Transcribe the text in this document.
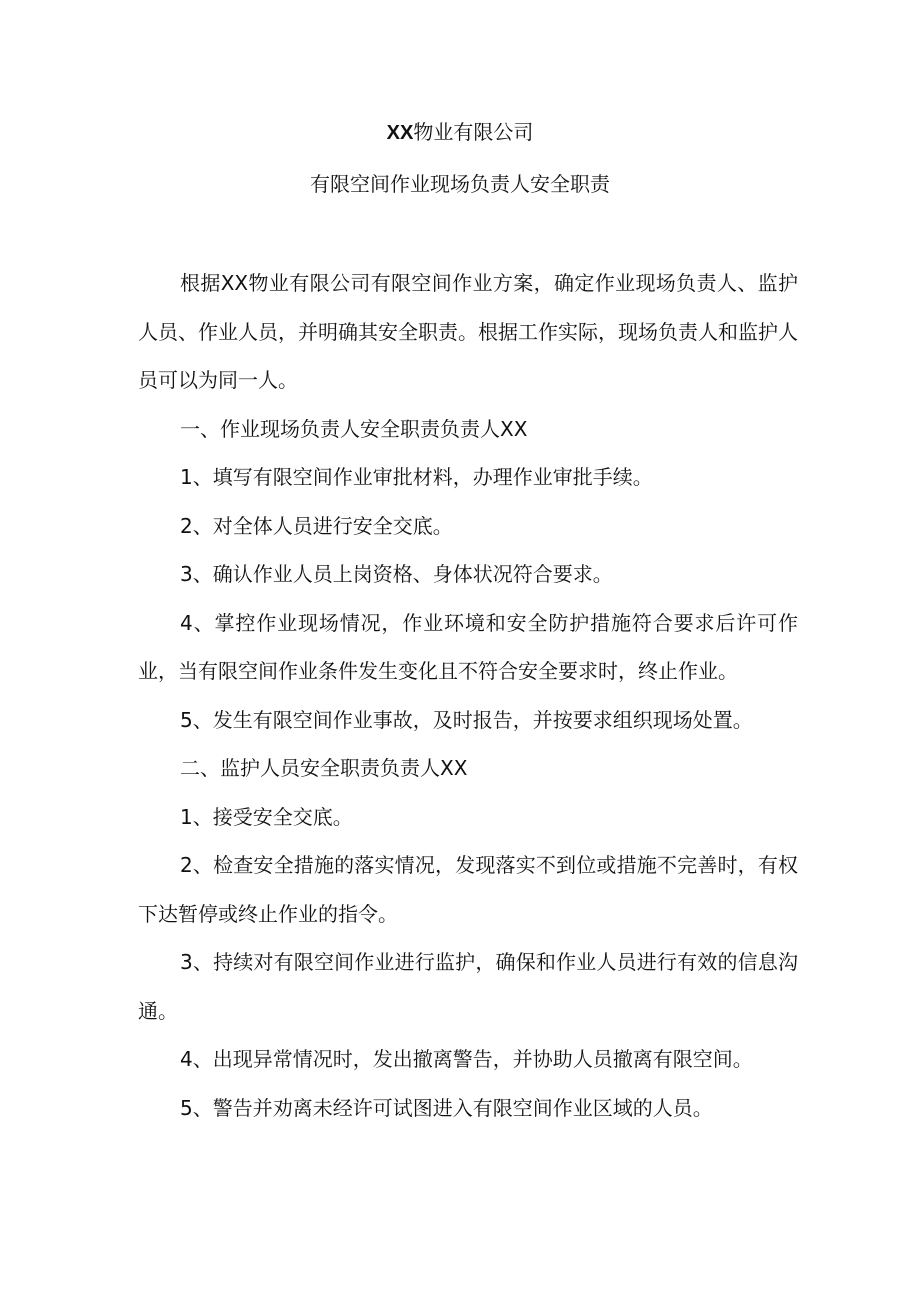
XX物业有限公司
有限空间作业现场负责人安全职责

根据XX物业有限公司有限空间作业方案，确定作业现场负责人、监护人员、作业人员，并明确其安全职责。根据工作实际，现场负责人和监护人员可以为同一人。

一、作业现场负责人安全职责负责人XX

1、填写有限空间作业审批材料，办理作业审批手续。

2、对全体人员进行安全交底。

3、确认作业人员上岗资格、身体状况符合要求。

4、掌控作业现场情况，作业环境和安全防护措施符合要求后许可作业，当有限空间作业条件发生变化且不符合安全要求时，终止作业。

5、发生有限空间作业事故，及时报告，并按要求组织现场处置。

二、监护人员安全职责负责人XX

1、接受安全交底。

2、检查安全措施的落实情况，发现落实不到位或措施不完善时，有权下达暂停或终止作业的指令。

3、持续对有限空间作业进行监护，确保和作业人员进行有效的信息沟通。

4、出现异常情况时，发出撤离警告，并协助人员撤离有限空间。

5、警告并劝离未经许可试图进入有限空间作业区域的人员。
